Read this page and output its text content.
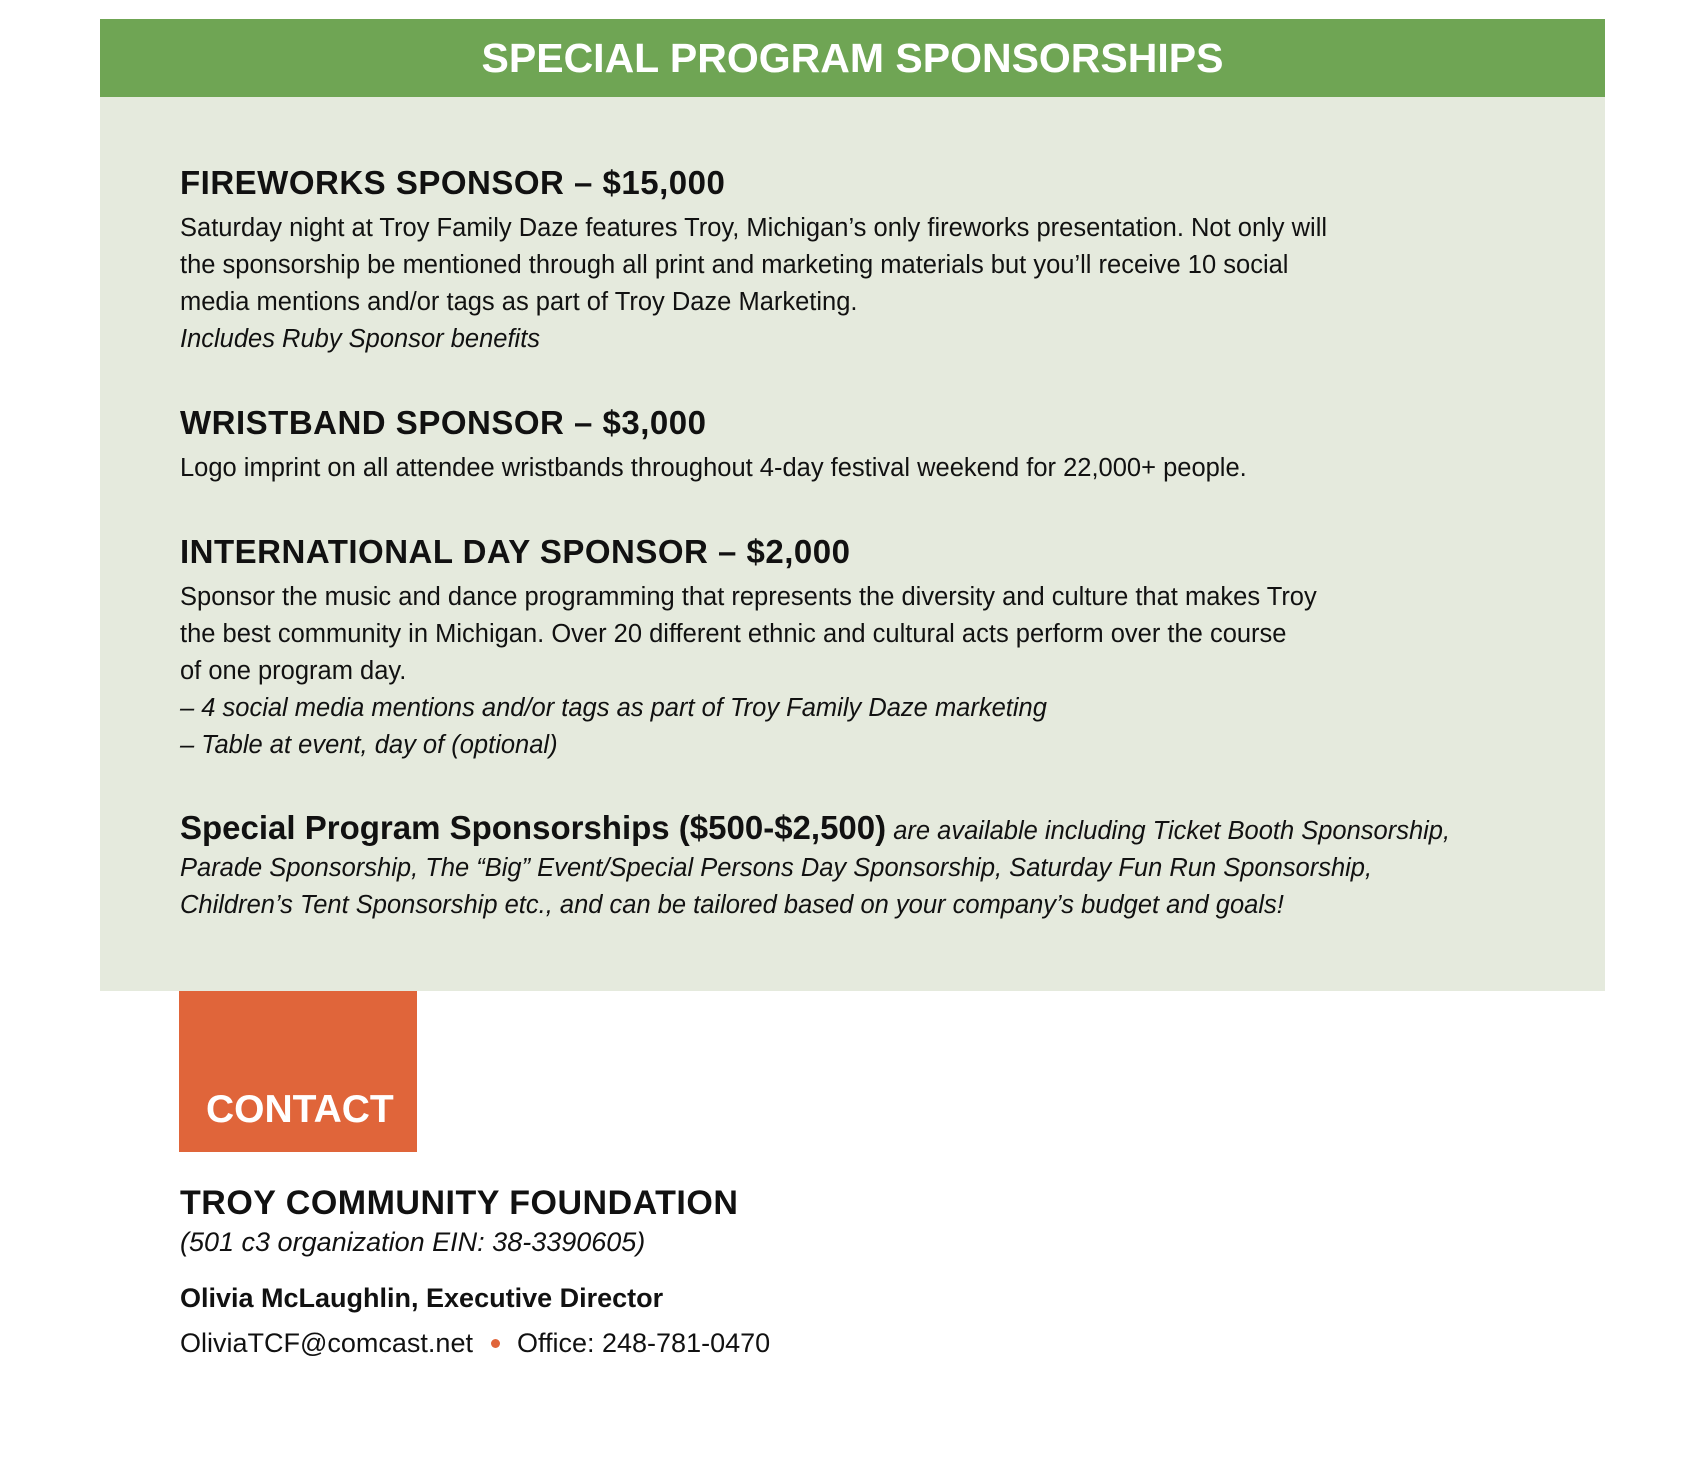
SPECIAL PROGRAM SPONSORSHIPS
FIREWORKS SPONSOR – $15,000

Saturday night at Troy Family Daze features Troy, Michigan’s only fireworks presentation. Not only will

the sponsorship be mentioned through all print and marketing materials but you’ll receive 10 social

media mentions and/or tags as part of Troy Daze Marketing.

Includes Ruby Sponsor benefits

WRISTBAND SPONSOR – $3,000

Logo imprint on all attendee wristbands throughout 4-day festival weekend for 22,000+ people.

INTERNATIONAL DAY SPONSOR – $2,000

Sponsor the music and dance programming that represents the diversity and culture that makes Troy

the best community in Michigan. Over 20 different ethnic and cultural acts perform over the course

of one program day.

– 4 social media mentions and/or tags as part of Troy Family Daze marketing

– Table at event, day of (optional)

Special Program Sponsorships ($500-$2,500) are available including Ticket Booth Sponsorship,
Parade Sponsorship, The “Big” Event/Special Persons Day Sponsorship, Saturday Fun Run Sponsorship,
Children’s Tent Sponsorship etc., and can be tailored based on your company’s budget and goals!
CONTACT
TROY COMMUNITY FOUNDATION
(501 c3 organization EIN: 38-3390605)
Olivia McLaughlin, Executive Director
OliviaTCF@comcast.net Office: 248-781-0470
